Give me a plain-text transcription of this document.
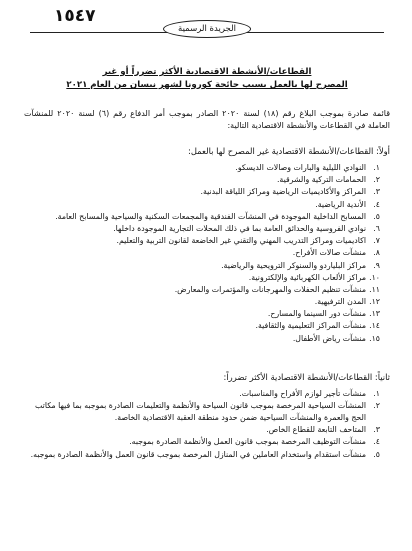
١٥٤٧
الجريدة الرسمية
القطاعات/الأنشطة الاقتصادية الأكثر تضرراً أو غير
المصرح لها بالعمل بسبب جائحة كورونا لشهر نيسان من العام ٢٠٢١
قائمة صادرة بموجب البلاغ رقم (١٨) لسنة ٢٠٢٠ الصادر بموجب أمر الدفاع رقم (٦) لسنة ٢٠٢٠ للمنشآت العاملة في القطاعات والأنشطة الاقتصادية التالية:
أولاً: القطاعات/الأنشطة الاقتصادية غير المصرح لها بالعمل:
١.
النوادي الليلية والبارات وصالات الديسكو.
٢.
الحمامات التركية والشرقية.
٣.
المراكز والأكاديميات الرياضية ومراكز اللياقة البدنية.
٤.
الأندية الرياضية.
٥.
المسابح الداخلية الموجودة في المنشآت الفندقية والمجمعات السكنية والسياحية والمسابح العامة.
٦.
نوادي الفروسية والحدائق العامة بما في ذلك المحلات التجارية الموجودة داخلها.
٧.
اكاديميات ومراكز التدريب المهني والتقني غير الخاضعة لقانون التربية والتعليم.
٨.
منشآت صالات الأفراح.
٩.
مراكز البلياردو والسنوكر الترويحية والرياضية.
١٠.
مراكز الألعاب الكهربائية والإلكترونية.
١١.
منشآت تنظيم الحفلات والمهرجانات والمؤتمرات والمعارض.
١٢.
المدن الترفيهية.
١٣.
منشآت دور السينما والمسارح.
١٤.
منشآت المراكز التعليمية والثقافية.
١٥.
منشآت رياض الأطفال.
ثانياً: القطاعات/الأنشطة الاقتصادية الأكثر تضرراً:
١.
منشآت تأجير لوازم الأفراح والمناسبات.
٢.
المنشآت السياحية المرخصة بموجب قانون السياحة والأنظمة والتعليمات الصادرة بموجبه بما فيها مكاتب الحج والعمرة والمنشآت السياحية ضمن حدود منطقة العقبة الاقتصادية الخاصة.
٣.
المتاحف التابعة للقطاع الخاص.
٤.
منشآت التوظيف المرخصة بموجب قانون العمل والأنظمة الصادرة بموجبه.
٥.
منشآت استقدام واستخدام العاملين في المنازل المرخصة بموجب قانون العمل والأنظمة الصادرة بموجبه.
